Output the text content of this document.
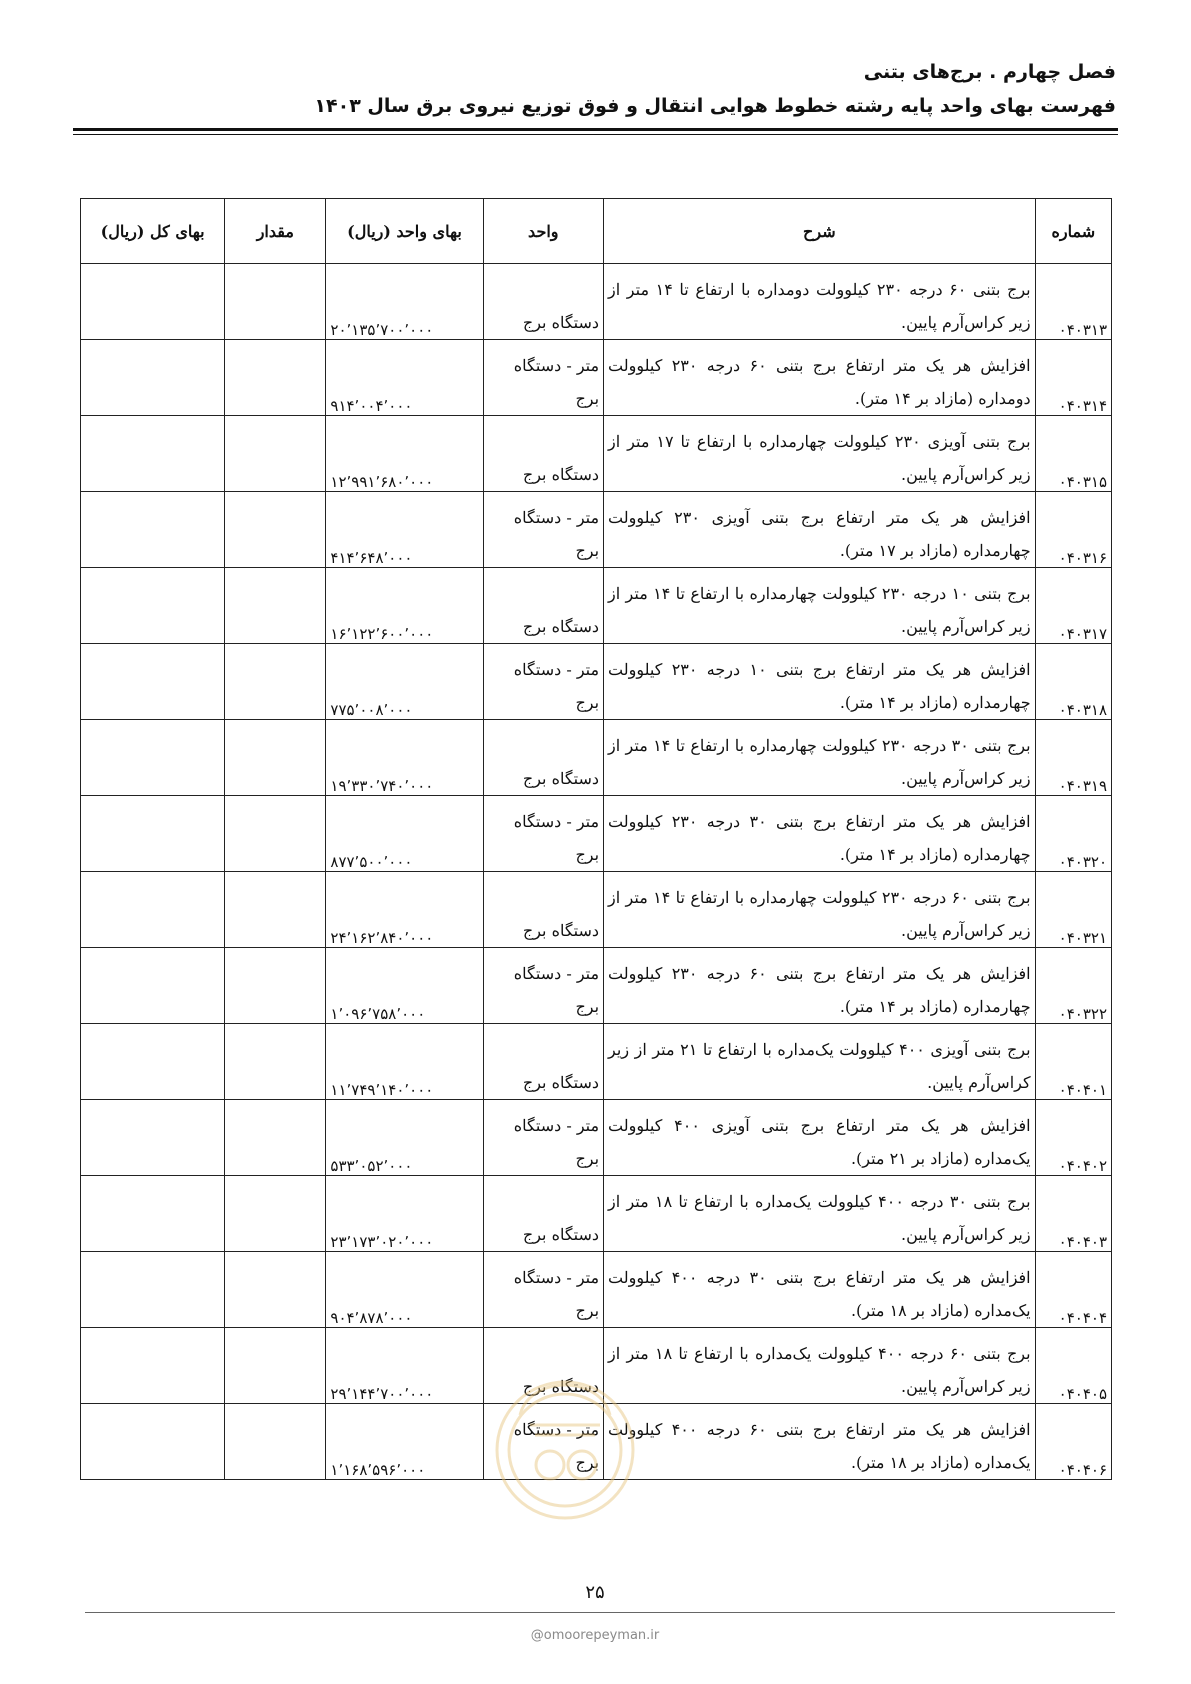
فصل چهارم . برج‌های بتنی

فهرست بهای واحد پایه رشته خطوط هوایی انتقال و فوق توزیع نیروی برق سال ۱۴۰۳

شماره	شرح	واحد	بهای واحد (ریال)	مقدار	بهای کل (ریال)
۰۴۰۳۱۳	برج بتنی ۶۰ درجه ۲۳۰ کیلوولت دومداره با ارتفاع تا ۱۴ متر از زیر کراس‌آرم پایین.	دستگاه برج	۲۰٬۱۳۵٬۷۰۰٬۰۰۰		
۰۴۰۳۱۴	افزایش هر یک متر ارتفاع برج بتنی ۶۰ درجه ۲۳۰ کیلوولت دومداره (مازاد بر ۱۴ متر).	متر - دستگاه برج	۹۱۴٬۰۰۴٬۰۰۰		
۰۴۰۳۱۵	برج بتنی آویزی ۲۳۰ کیلوولت چهارمداره با ارتفاع تا ۱۷ متر از زیر کراس‌آرم پایین.	دستگاه برج	۱۲٬۹۹۱٬۶۸۰٬۰۰۰		
۰۴۰۳۱۶	افزایش هر یک متر ارتفاع برج بتنی آویزی ۲۳۰ کیلوولت چهارمداره (مازاد بر ۱۷ متر).	متر - دستگاه برج	۴۱۴٬۶۴۸٬۰۰۰		
۰۴۰۳۱۷	برج بتنی ۱۰ درجه ۲۳۰ کیلوولت چهارمداره با ارتفاع تا ۱۴ متر از زیر کراس‌آرم پایین.	دستگاه برج	۱۶٬۱۲۲٬۶۰۰٬۰۰۰		
۰۴۰۳۱۸	افزایش هر یک متر ارتفاع برج بتنی ۱۰ درجه ۲۳۰ کیلوولت چهارمداره (مازاد بر ۱۴ متر).	متر - دستگاه برج	۷۷۵٬۰۰۸٬۰۰۰		
۰۴۰۳۱۹	برج بتنی ۳۰ درجه ۲۳۰ کیلوولت چهارمداره با ارتفاع تا ۱۴ متر از زیر کراس‌آرم پایین.	دستگاه برج	۱۹٬۳۳۰٬۷۴۰٬۰۰۰		
۰۴۰۳۲۰	افزایش هر یک متر ارتفاع برج بتنی ۳۰ درجه ۲۳۰ کیلوولت چهارمداره (مازاد بر ۱۴ متر).	متر - دستگاه برج	۸۷۷٬۵۰۰٬۰۰۰		
۰۴۰۳۲۱	برج بتنی ۶۰ درجه ۲۳۰ کیلوولت چهارمداره با ارتفاع تا ۱۴ متر از زیر کراس‌آرم پایین.	دستگاه برج	۲۴٬۱۶۲٬۸۴۰٬۰۰۰		
۰۴۰۳۲۲	افزایش هر یک متر ارتفاع برج بتنی ۶۰ درجه ۲۳۰ کیلوولت چهارمداره (مازاد بر ۱۴ متر).	متر - دستگاه برج	۱٬۰۹۶٬۷۵۸٬۰۰۰		
۰۴۰۴۰۱	برج بتنی آویزی ۴۰۰ کیلوولت یک‌مداره با ارتفاع تا ۲۱ متر از زیر کراس‌آرم پایین.	دستگاه برج	۱۱٬۷۴۹٬۱۴۰٬۰۰۰		
۰۴۰۴۰۲	افزایش هر یک متر ارتفاع برج بتنی آویزی ۴۰۰ کیلوولت یک‌مداره (مازاد بر ۲۱ متر).	متر - دستگاه برج	۵۳۳٬۰۵۲٬۰۰۰		
۰۴۰۴۰۳	برج بتنی ۳۰ درجه ۴۰۰ کیلوولت یک‌مداره با ارتفاع تا ۱۸ متر از زیر کراس‌آرم پایین.	دستگاه برج	۲۳٬۱۷۳٬۰۲۰٬۰۰۰		
۰۴۰۴۰۴	افزایش هر یک متر ارتفاع برج بتنی ۳۰ درجه ۴۰۰ کیلوولت یک‌مداره (مازاد بر ۱۸ متر).	متر - دستگاه برج	۹۰۴٬۸۷۸٬۰۰۰		
۰۴۰۴۰۵	برج بتنی ۶۰ درجه ۴۰۰ کیلوولت یک‌مداره با ارتفاع تا ۱۸ متر از زیر کراس‌آرم پایین.	دستگاه برج	۲۹٬۱۴۴٬۷۰۰٬۰۰۰		
۰۴۰۴۰۶	افزایش هر یک متر ارتفاع برج بتنی ۶۰ درجه ۴۰۰ کیلوولت یک‌مداره (مازاد بر ۱۸ متر).	متر - دستگاه برج	۱٬۱۶۸٬۵۹۶٬۰۰۰		
۲۵
@omoorepeyman.ir
